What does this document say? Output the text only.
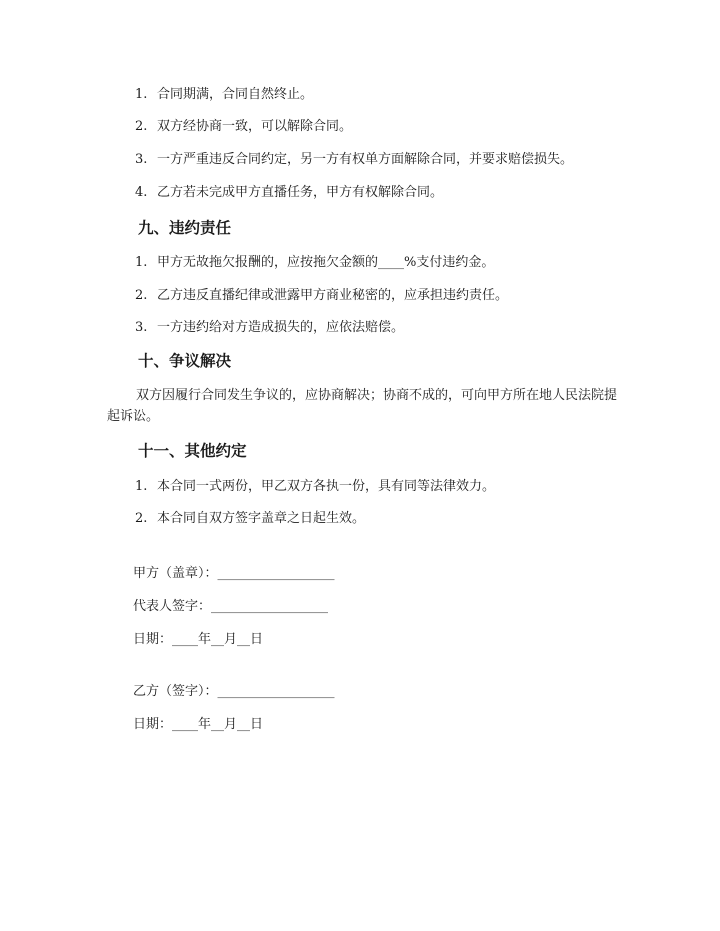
1. 合同期满，合同自然终止。
2. 双方经协商一致，可以解除合同。
3. 一方严重违反合同约定，另一方有权单方面解除合同，并要求赔偿损失。
4. 乙方若未完成甲方直播任务，甲方有权解除合同。
九、违约责任
1. 甲方无故拖欠报酬的，应按拖欠金额的____%支付违约金。
2. 乙方违反直播纪律或泄露甲方商业秘密的，应承担违约责任。
3. 一方违约给对方造成损失的，应依法赔偿。
十、争议解决
双方因履行合同发生争议的，应协商解决；协商不成的，可向甲方所在地人民法院提起诉讼。
十一、其他约定
1. 本合同一式两份，甲乙双方各执一份，具有同等法律效力。
2. 本合同自双方签字盖章之日起生效。
甲方（盖章）：__________________
代表人签字：__________________
日期：____年__月__日
乙方（签字）：__________________
日期：____年__月__日
